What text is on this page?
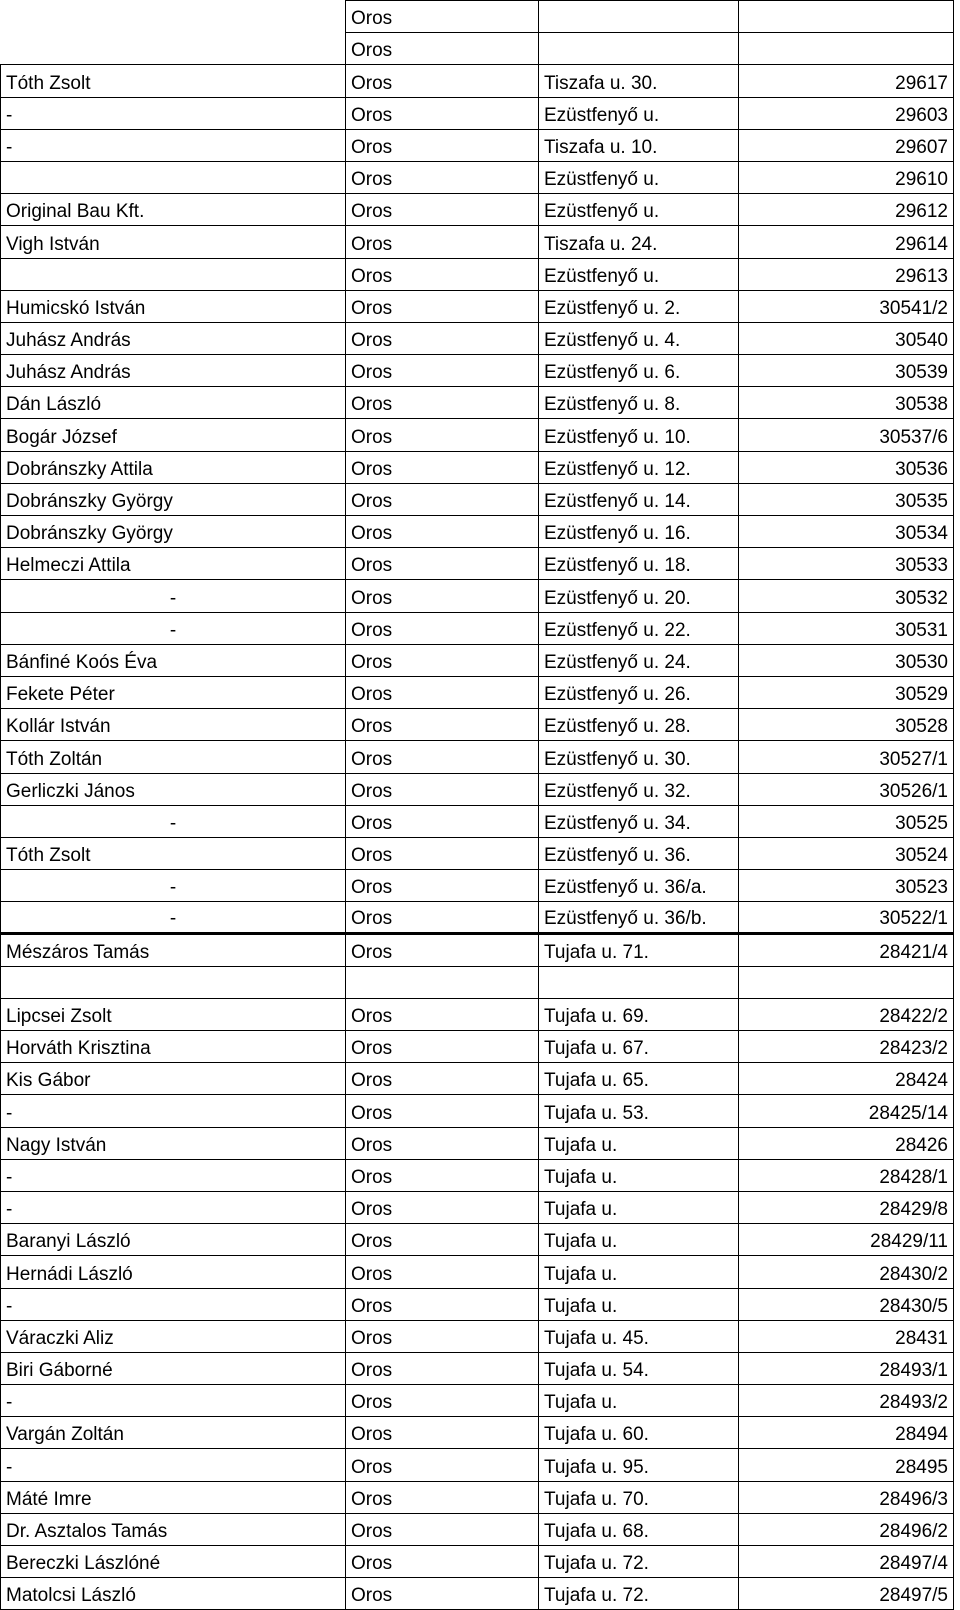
	Oros		
	Oros		
Tóth Zsolt	Oros	Tiszafa u. 30.	29617
-	Oros	Ezüstfenyő u.	29603
-	Oros	Tiszafa u. 10.	29607
	Oros	Ezüstfenyő u.	29610
Original Bau Kft.	Oros	Ezüstfenyő u.	29612
Vigh István	Oros	Tiszafa u. 24.	29614
	Oros	Ezüstfenyő u.	29613
Humicskó István	Oros	Ezüstfenyő u. 2.	30541/2
Juhász András	Oros	Ezüstfenyő u. 4.	30540
Juhász András	Oros	Ezüstfenyő u. 6.	30539
Dán László	Oros	Ezüstfenyő u. 8.	30538
Bogár József	Oros	Ezüstfenyő u. 10.	30537/6
Dobránszky Attila	Oros	Ezüstfenyő u. 12.	30536
Dobránszky György	Oros	Ezüstfenyő u. 14.	30535
Dobránszky György	Oros	Ezüstfenyő u. 16.	30534
Helmeczi Attila	Oros	Ezüstfenyő u. 18.	30533
-	Oros	Ezüstfenyő u. 20.	30532
-	Oros	Ezüstfenyő u. 22.	30531
Bánfiné Koós Éva	Oros	Ezüstfenyő u. 24.	30530
Fekete Péter	Oros	Ezüstfenyő u. 26.	30529
Kollár István	Oros	Ezüstfenyő u. 28.	30528
Tóth Zoltán	Oros	Ezüstfenyő u. 30.	30527/1
Gerliczki János	Oros	Ezüstfenyő u. 32.	30526/1
-	Oros	Ezüstfenyő u. 34.	30525
Tóth Zsolt	Oros	Ezüstfenyő u. 36.	30524
-	Oros	Ezüstfenyő u. 36/a.	30523
-	Oros	Ezüstfenyő u. 36/b.	30522/1
Mészáros Tamás	Oros	Tujafa u. 71.	28421/4

Lipcsei Zsolt	Oros	Tujafa u. 69.	28422/2
Horváth Krisztina	Oros	Tujafa u. 67.	28423/2
Kis Gábor	Oros	Tujafa u. 65.	28424
-	Oros	Tujafa u. 53.	28425/14
Nagy István	Oros	Tujafa u.	28426
-	Oros	Tujafa u.	28428/1
-	Oros	Tujafa u.	28429/8
Baranyi László	Oros	Tujafa u.	28429/11
Hernádi László	Oros	Tujafa u.	28430/2
-	Oros	Tujafa u.	28430/5
Váraczki Aliz	Oros	Tujafa u. 45.	28431
Biri Gáborné	Oros	Tujafa u. 54.	28493/1
-	Oros	Tujafa u.	28493/2
Vargán Zoltán	Oros	Tujafa u. 60.	28494
-	Oros	Tujafa u. 95.	28495
Máté Imre	Oros	Tujafa u. 70.	28496/3
Dr. Asztalos Tamás	Oros	Tujafa u. 68.	28496/2
Bereczki Lászlóné	Oros	Tujafa u. 72.	28497/4
Matolcsi László	Oros	Tujafa u. 72.	28497/5
